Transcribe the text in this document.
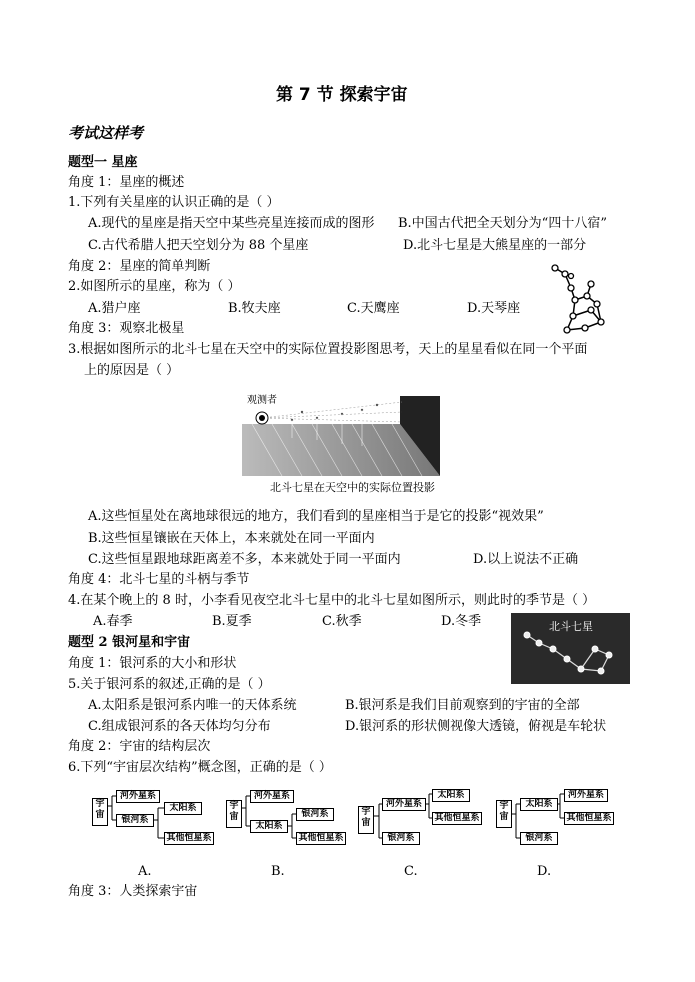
第 7 节 探索宇宙
考试这样考
题型一 星座
角度 1：星座的概述
1.下列有关星座的认识正确的是（ ）
A.现代的星座是指天空中某些亮星连接而成的图形 B.中国古代把全天划分为“四十八宿”
C.古代希腊人把天空划分为 88 个星座	D.北斗七星是大熊星座的一部分
角度 2：星座的简单判断
2.如图所示的星座，称为（ ）
A.猎户座	B.牧夫座	C.天鹰座	D.天琴座
角度 3：观察北极星
3.根据如图所示的北斗七星在天空中的实际位置投影图思考，天上的星星看似在同一个平面
上的原因是（ ）
观测者
北斗七星在天空中的实际位置投影
A.这些恒星处在离地球很远的地方，我们看到的星座相当于是它的投影“视效果”
B.这些恒星镶嵌在天体上，本来就处在同一平面内
C.这些恒星跟地球距离差不多，本来就处于同一平面内	D.以上说法不正确
角度 4：北斗七星的斗柄与季节
4.在某个晚上的 8 时，小李看见夜空北斗七星中的北斗七星如图所示，则此时的季节是（ ）
A.春季	B.夏季	C.秋季	D.冬季	北斗七星
题型 2 银河星和宇宙
角度 1：银河系的大小和形状
5.关于银河系的叙述,正确的是（ ）
A.太阳系是银河系内唯一的天体系统	B.银河系是我们目前观察到的宇宙的全部
C.组成银河系的各天体均匀分布	D.银河系的形状侧视像大透镜，俯视是车轮状
角度 2：宇宙的结构层次
6.下列“宇宙层次结构”概念图，正确的是（ ）
宇宙
河外星系
银河系
太阳系
其他恒星系
宇宙
河外星系
太阳系
银河系
其他恒星系
宇宙
河外星系
银河系
太阳系
其他恒星系
宇宙
太阳系
银河系
河外星系
其他恒星系
A.	B.	C.	D.
角度 3：人类探索宇宙
